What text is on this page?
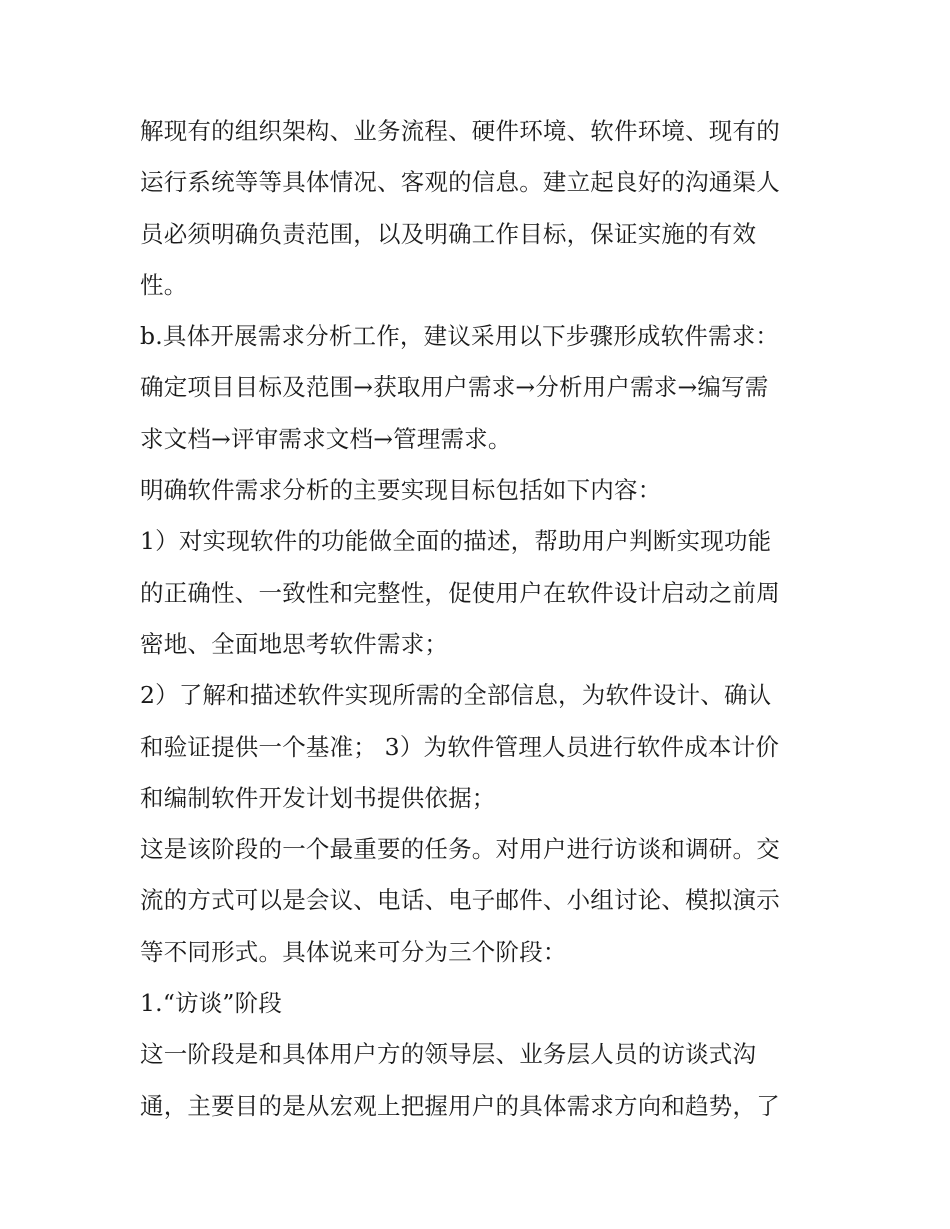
解现有的组织架构、业务流程、硬件环境、软件环境、现有的
运行系统等等具体情况、客观的信息。建立起良好的沟通渠人
员必须明确负责范围，以及明确工作目标，保证实施的有效
性。
b.具体开展需求分析工作，建议采用以下步骤形成软件需求：
确定项目目标及范围→获取用户需求→分析用户需求→编写需
求文档→评审需求文档→管理需求。
明确软件需求分析的主要实现目标包括如下内容：
1）对实现软件的功能做全面的描述，帮助用户判断实现功能
的正确性、一致性和完整性，促使用户在软件设计启动之前周
密地、全面地思考软件需求；
2）了解和描述软件实现所需的全部信息，为软件设计、确认
和验证提供一个基准； 3）为软件管理人员进行软件成本计价
和编制软件开发计划书提供依据；
这是该阶段的一个最重要的任务。对用户进行访谈和调研。交
流的方式可以是会议、电话、电子邮件、小组讨论、模拟演示
等不同形式。具体说来可分为三个阶段：
1.“访谈”阶段
这一阶段是和具体用户方的领导层、业务层人员的访谈式沟
通，主要目的是从宏观上把握用户的具体需求方向和趋势，了
